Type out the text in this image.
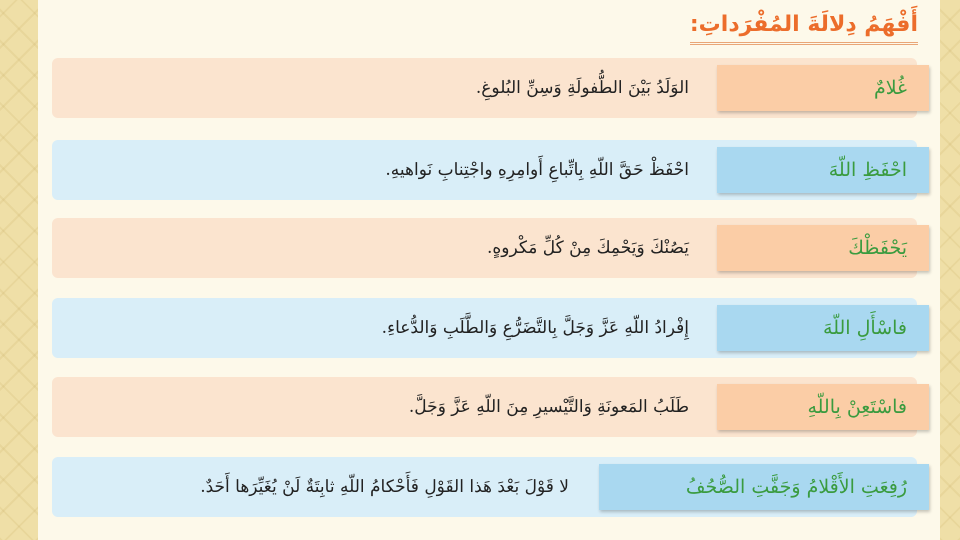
أَفْهَمُ دِلالَةَ المُفْرَداتِ:
الوَلَدُ بَيْنَ الطُّفولَةِ وَسِنِّ البُلوغِ.	غُلامٌ
احْفَظْ حَقَّ اللّهِ بِاتِّباعِ أَوامِرِهِ واجْتِنابِ نَواهيهِ.	احْفَظِ اللّهَ
يَصُنْكَ وَيَحْمِكَ مِنْ كُلِّ مَكْروهٍ.	يَحْفَظْكَ
إِفْرادُ اللّهِ عَزَّ وَجَلَّ بِالتَّضَرُّعِ وَالطَّلَبِ وَالدُّعاءِ.	فاسْأَلِ اللّهَ
طَلَبُ المَعونَةِ وَالتَّيْسيرِ مِنَ اللّهِ عَزَّ وَجَلَّ.	فاسْتَعِنْ بِاللّهِ
لا قَوْلَ بَعْدَ هَذا القَوْلِ فَأَحْكامُ اللّهِ ثابِتَةٌ لَنْ يُغَيِّرَها أَحَدٌ.	رُفِعَتِ الأَقْلامُ وَجَفَّتِ الصُّحُفُ
